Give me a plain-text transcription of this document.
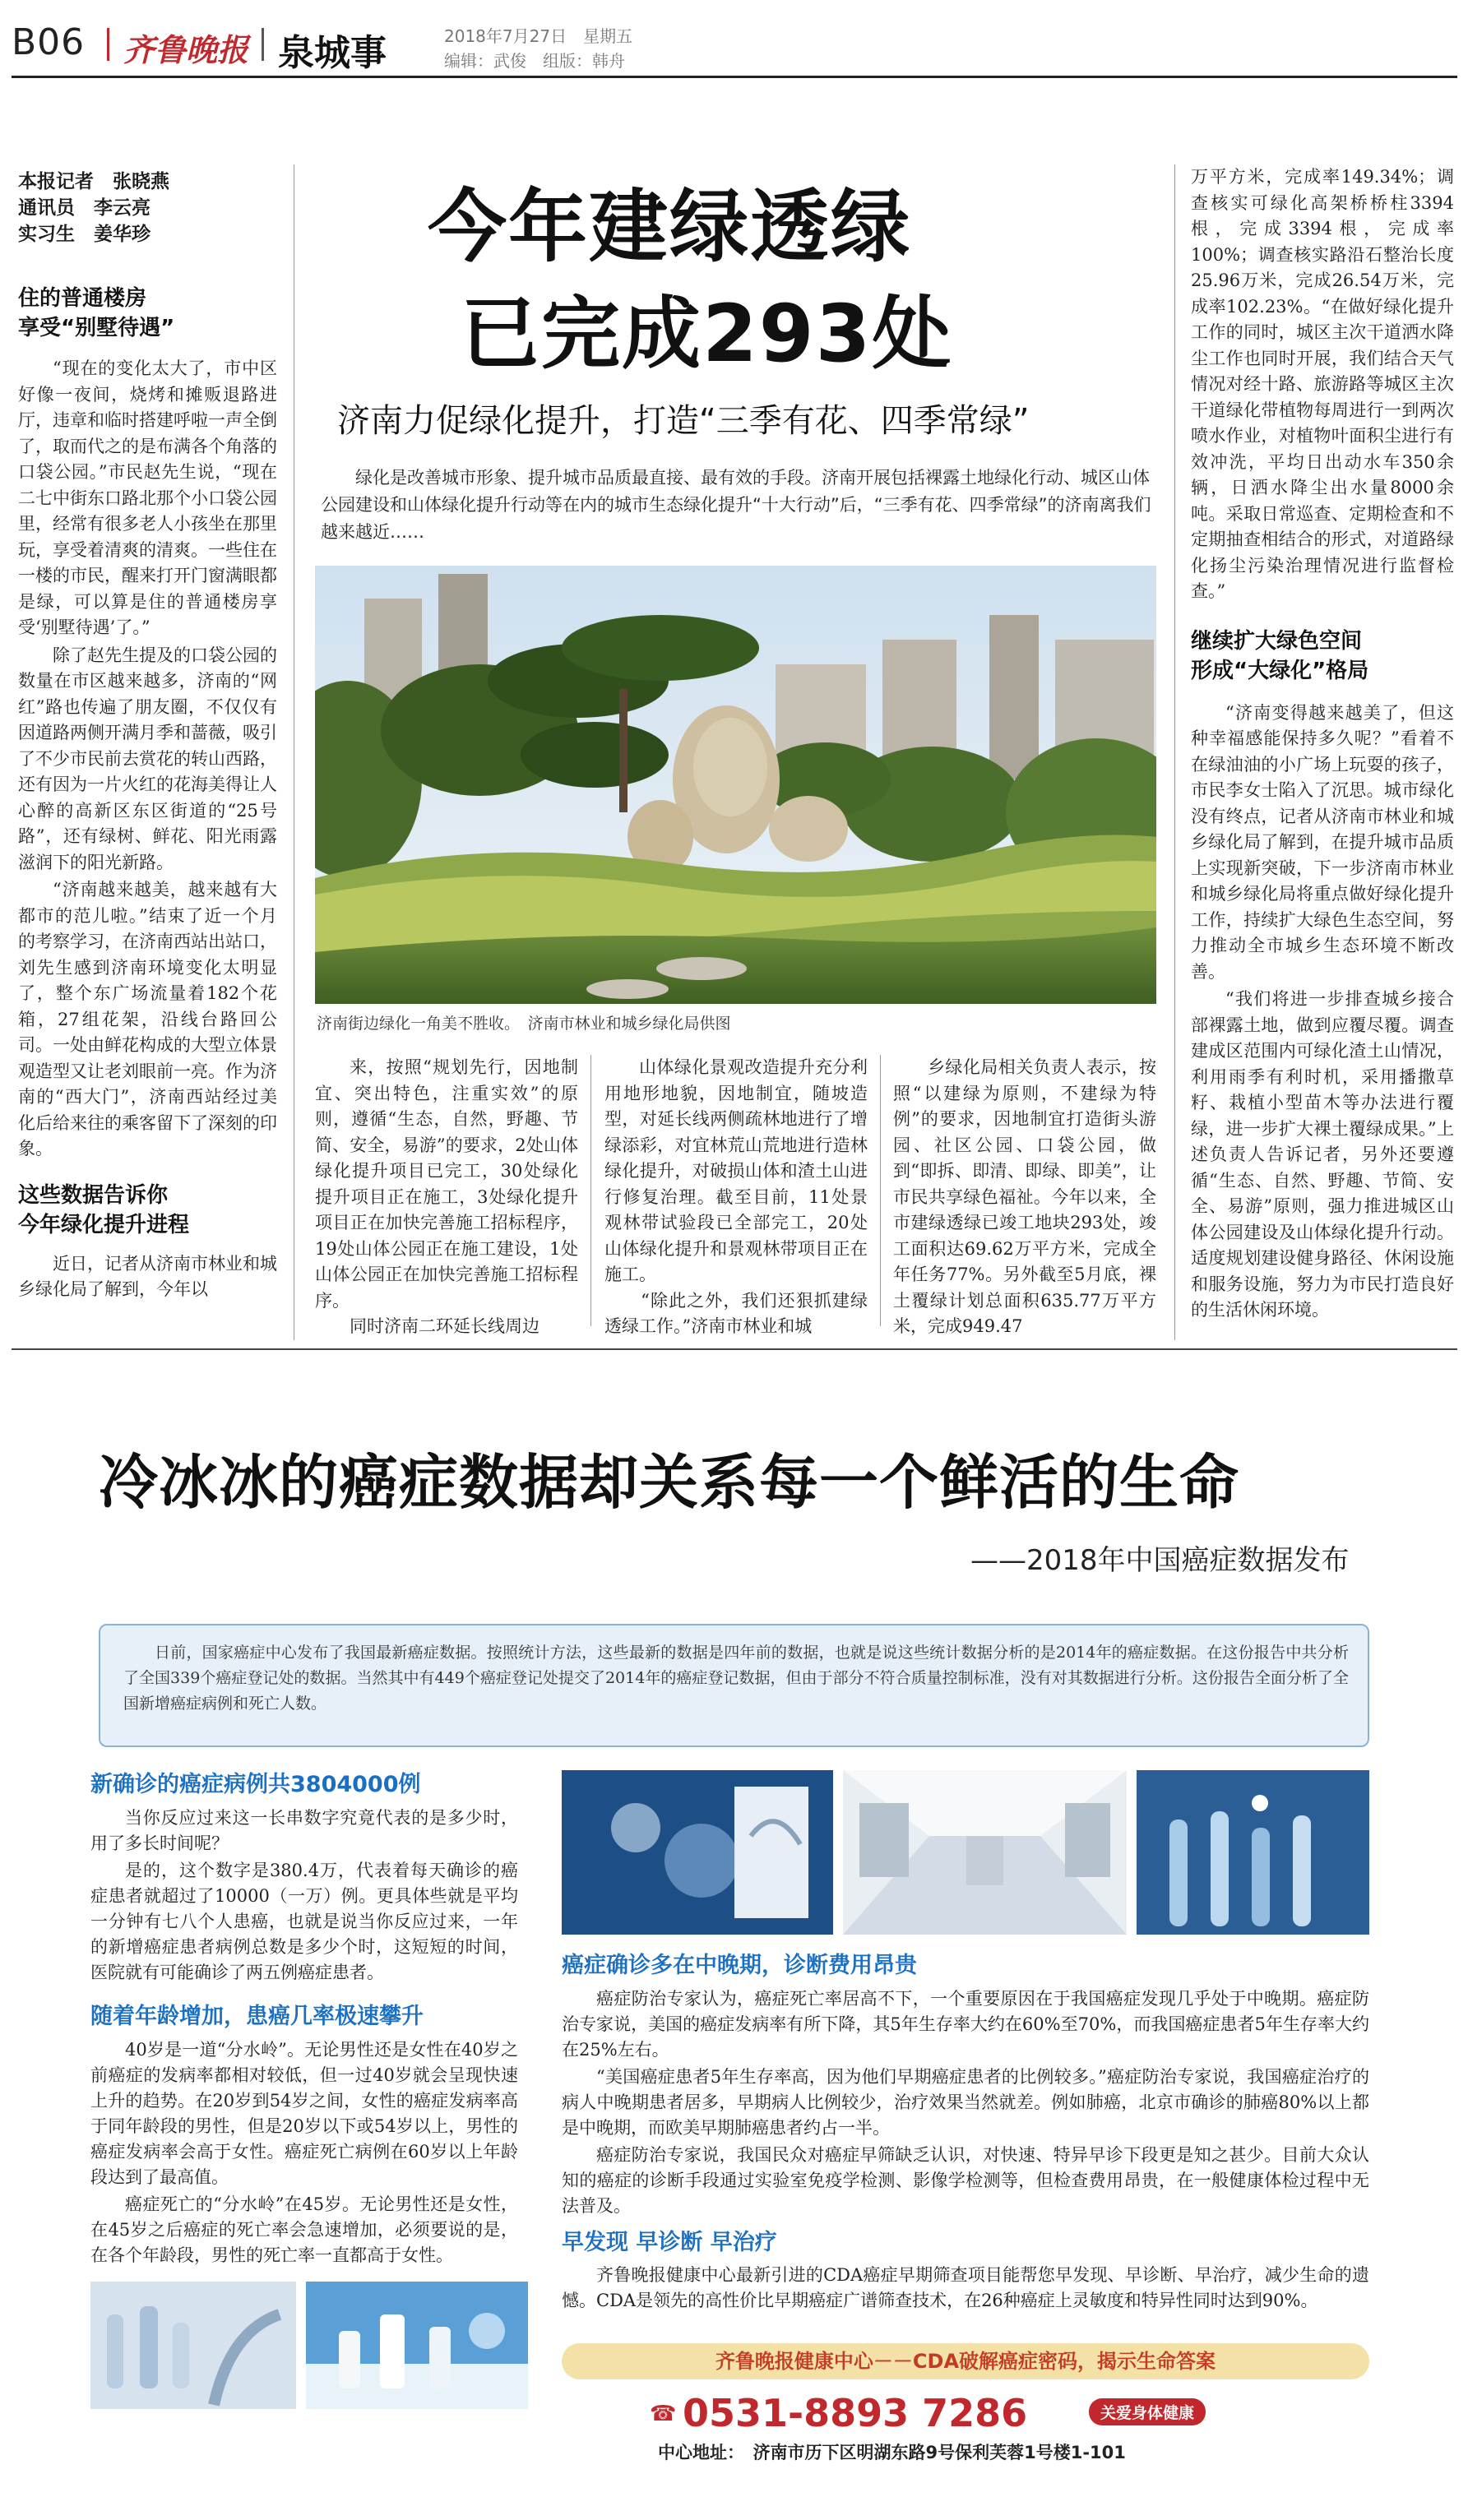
B06 齐鲁晚报 泉城事	2018年7月27日　星期五
编辑：武俊　组版：韩舟
本报记者　张晓燕
通讯员　李云亮
实习生　姜华珍
住的普通楼房
享受“别墅待遇”

“现在的变化太大了，市中区好像一夜间，烧烤和摊贩退路进厅，违章和临时搭建呼啦一声全倒了，取而代之的是布满各个角落的口袋公园。”市民赵先生说，“现在二七中街东口路北那个小口袋公园里，经常有很多老人小孩坐在那里玩，享受着清爽的清爽。一些住在一楼的市民，醒来打开门窗满眼都是绿，可以算是住的普通楼房享受‘别墅待遇’了。”

除了赵先生提及的口袋公园的数量在市区越来越多，济南的“网红”路也传遍了朋友圈，不仅仅有因道路两侧开满月季和蔷薇，吸引了不少市民前去赏花的转山西路，还有因为一片火红的花海美得让人心醉的高新区东区街道的“25号路”，还有绿树、鲜花、阳光雨露滋润下的阳光新路。

“济南越来越美，越来越有大都市的范儿啦。”结束了近一个月的考察学习，在济南西站出站口，刘先生感到济南环境变化太明显了，整个东广场流量着182个花箱，27组花架，沿线台路回公司。一处由鲜花构成的大型立体景观造型又让老刘眼前一亮。作为济南的“西大门”，济南西站经过美化后给来往的乘客留下了深刻的印象。

这些数据告诉你
今年绿化提升进程

近日，记者从济南市林业和城乡绿化局了解到，今年以

今年建绿透绿
已完成293处
济南力促绿化提升，打造“三季有花、四季常绿”
绿化是改善城市形象、提升城市品质最直接、最有效的手段。济南开展包括裸露土地绿化行动、城区山体公园建设和山体绿化提升行动等在内的城市生态绿化提升“十大行动”后，“三季有花、四季常绿”的济南离我们越来越近……
济南街边绿化一角美不胜收。　济南市林业和城乡绿化局供图
来，按照“规划先行，因地制宜、突出特色，注重实效”的原则，遵循“生态，自然，野趣、节简、安全，易游”的要求，2处山体绿化提升项目已完工，30处绿化提升项目正在施工，3处绿化提升项目正在加快完善施工招标程序，19处山体公园正在施工建设，1处山体公园正在加快完善施工招标程序。
　　同时济南二环延长线周边
山体绿化景观改造提升充分利用地形地貌，因地制宜，随坡造型，对延长线两侧疏林地进行了增绿添彩，对宜林荒山荒地进行造林绿化提升，对破损山体和渣土山进行修复治理。截至目前，11处景观林带试验段已全部完工，20处山体绿化提升和景观林带项目正在施工。
　　“除此之外，我们还狠抓建绿透绿工作。”济南市林业和城
乡绿化局相关负责人表示，按照“以建绿为原则，不建绿为特例”的要求，因地制宜打造街头游园、社区公园、口袋公园，做到“即拆、即清、即绿、即美”，让市民共享绿色福祉。今年以来，全市建绿透绿已竣工地块293处，竣工面积达69.62万平方米，完成全年任务77%。另外截至5月底，裸土覆绿计划总面积635.77万平方米，完成949.47
万平方米，完成率149.34%；调查核实可绿化高架桥桥柱3394根，完成3394根，完成率100%；调查核实路沿石整治长度25.96万米，完成26.54万米，完成率102.23%。“在做好绿化提升工作的同时，城区主次干道洒水降尘工作也同时开展，我们结合天气情况对经十路、旅游路等城区主次干道绿化带植物每周进行一到两次喷水作业，对植物叶面积尘进行有效冲洗，平均日出动水车350余辆，日洒水降尘出水量8000余吨。采取日常巡查、定期检查和不定期抽查相结合的形式，对道路绿化扬尘污染治理情况进行监督检查。”
继续扩大绿色空间
形成“大绿化”格局

“济南变得越来越美了，但这种幸福感能保持多久呢？”看着不在绿油油的小广场上玩耍的孩子，市民李女士陷入了沉思。城市绿化没有终点，记者从济南市林业和城乡绿化局了解到，在提升城市品质上实现新突破，下一步济南市林业和城乡绿化局将重点做好绿化提升工作，持续扩大绿色生态空间，努力推动全市城乡生态环境不断改善。

“我们将进一步排查城乡接合部裸露土地，做到应覆尽覆。调查建成区范围内可绿化渣土山情况，利用雨季有利时机，采用播撒草籽、栽植小型苗木等办法进行覆绿，进一步扩大裸土覆绿成果。”上述负责人告诉记者，另外还要遵循“生态、自然、野趣、节简、安全、易游”原则，强力推进城区山体公园建设及山体绿化提升行动。适度规划建设健身路径、休闲设施和服务设施，努力为市民打造良好的生活休闲环境。

冷冰冰的癌症数据却关系每一个鲜活的生命
——2018年中国癌症数据发布
日前，国家癌症中心发布了我国最新癌症数据。按照统计方法，这些最新的数据是四年前的数据，也就是说这些统计数据分析的是2014年的癌症数据。在这份报告中共分析了全国339个癌症登记处的数据。当然其中有449个癌症登记处提交了2014年的癌症登记数据，但由于部分不符合质量控制标准，没有对其数据进行分析。这份报告全面分析了全国新增癌症病例和死亡人数。
新确诊的癌症病例共3804000例

当你反应过来这一长串数字究竟代表的是多少时，用了多长时间呢？

是的，这个数字是380.4万，代表着每天确诊的癌症患者就超过了10000（一万）例。更具体些就是平均一分钟有七八个人患癌，也就是说当你反应过来，一年的新增癌症患者病例总数是多少个时，这短短的时间，医院就有可能确诊了两五例癌症患者。

随着年龄增加，患癌几率极速攀升

40岁是一道“分水岭”。无论男性还是女性在40岁之前癌症的发病率都相对较低，但一过40岁就会呈现快速上升的趋势。在20岁到54岁之间，女性的癌症发病率高于同年龄段的男性，但是20岁以下或54岁以上，男性的癌症发病率会高于女性。癌症死亡病例在60岁以上年龄段达到了最高值。

癌症死亡的“分水岭”在45岁。无论男性还是女性，在45岁之后癌症的死亡率会急速增加，必须要说的是，在各个年龄段，男性的死亡率一直都高于女性。

癌症确诊多在中晚期，诊断费用昂贵

癌症防治专家认为，癌症死亡率居高不下，一个重要原因在于我国癌症发现几乎处于中晚期。癌症防治专家说，美国的癌症发病率有所下降，其5年生存率大约在60%至70%，而我国癌症患者5年生存率大约在25%左右。

“美国癌症患者5年生存率高，因为他们早期癌症患者的比例较多。”癌症防治专家说，我国癌症治疗的病人中晚期患者居多，早期病人比例较少，治疗效果当然就差。例如肺癌，北京市确诊的肺癌80%以上都是中晚期，而欧美早期肺癌患者约占一半。

癌症防治专家说，我国民众对癌症早筛缺乏认识，对快速、特异早诊下段更是知之甚少。目前大众认知的癌症的诊断手段通过实验室免疫学检测、影像学检测等，但检查费用昂贵，在一般健康体检过程中无法普及。

早发现 早诊断 早治疗

齐鲁晚报健康中心最新引进的CDA癌症早期筛查项目能帮您早发现、早诊断、早治疗，减少生命的遗憾。CDA是领先的高性价比早期癌症广谱筛查技术，在26种癌症上灵敏度和特异性同时达到90%。

齐鲁晚报健康中心－－CDA破解癌症密码，揭示生命答案
☎ 0531-8893 7286	关爱身体健康
中心地址：　济南市历下区明湖东路9号保利芙蓉1号楼1-101
